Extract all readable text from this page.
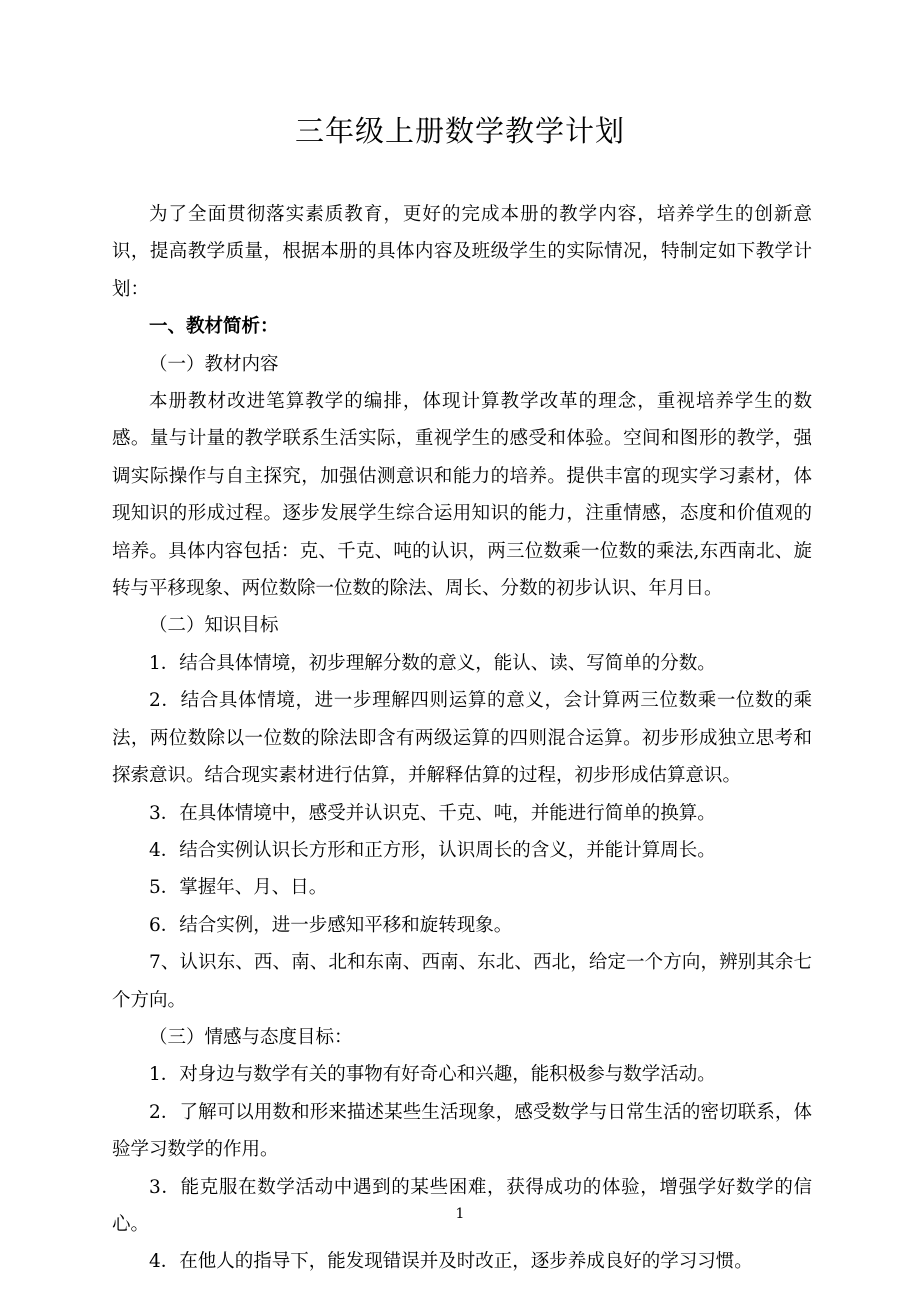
三年级上册数学教学计划

为了全面贯彻落实素质教育，更好的完成本册的教学内容，培养学生的创新意识，提高教学质量，根据本册的具体内容及班级学生的实际情况，特制定如下教学计划：

一、教材简析：

（一）教材内容

本册教材改进笔算教学的编排，体现计算教学改革的理念，重视培养学生的数感。量与计量的教学联系生活实际，重视学生的感受和体验。空间和图形的教学，强调实际操作与自主探究，加强估测意识和能力的培养。提供丰富的现实学习素材，体现知识的形成过程。逐步发展学生综合运用知识的能力，注重情感，态度和价值观的培养。具体内容包括：克、千克、吨的认识，两三位数乘一位数的乘法,东西南北、旋转与平移现象、两位数除一位数的除法、周长、分数的初步认识、年月日。

（二）知识目标

1．结合具体情境，初步理解分数的意义，能认、读、写简单的分数。

2．结合具体情境，进一步理解四则运算的意义，会计算两三位数乘一位数的乘法，两位数除以一位数的除法即含有两级运算的四则混合运算。初步形成独立思考和探索意识。结合现实素材进行估算，并解释估算的过程，初步形成估算意识。

3．在具体情境中，感受并认识克、千克、吨，并能进行简单的换算。

4．结合实例认识长方形和正方形，认识周长的含义，并能计算周长。

5．掌握年、月、日。

6．结合实例，进一步感知平移和旋转现象。

7、认识东、西、南、北和东南、西南、东北、西北，给定一个方向，辨别其余七个方向。

（三）情感与态度目标：

1．对身边与数学有关的事物有好奇心和兴趣，能积极参与数学活动。

2．了解可以用数和形来描述某些生活现象，感受数学与日常生活的密切联系，体验学习数学的作用。

3．能克服在数学活动中遇到的某些困难，获得成功的体验，增强学好数学的信心。

4．在他人的指导下，能发现错误并及时改正，逐步养成良好的学习习惯。

1
